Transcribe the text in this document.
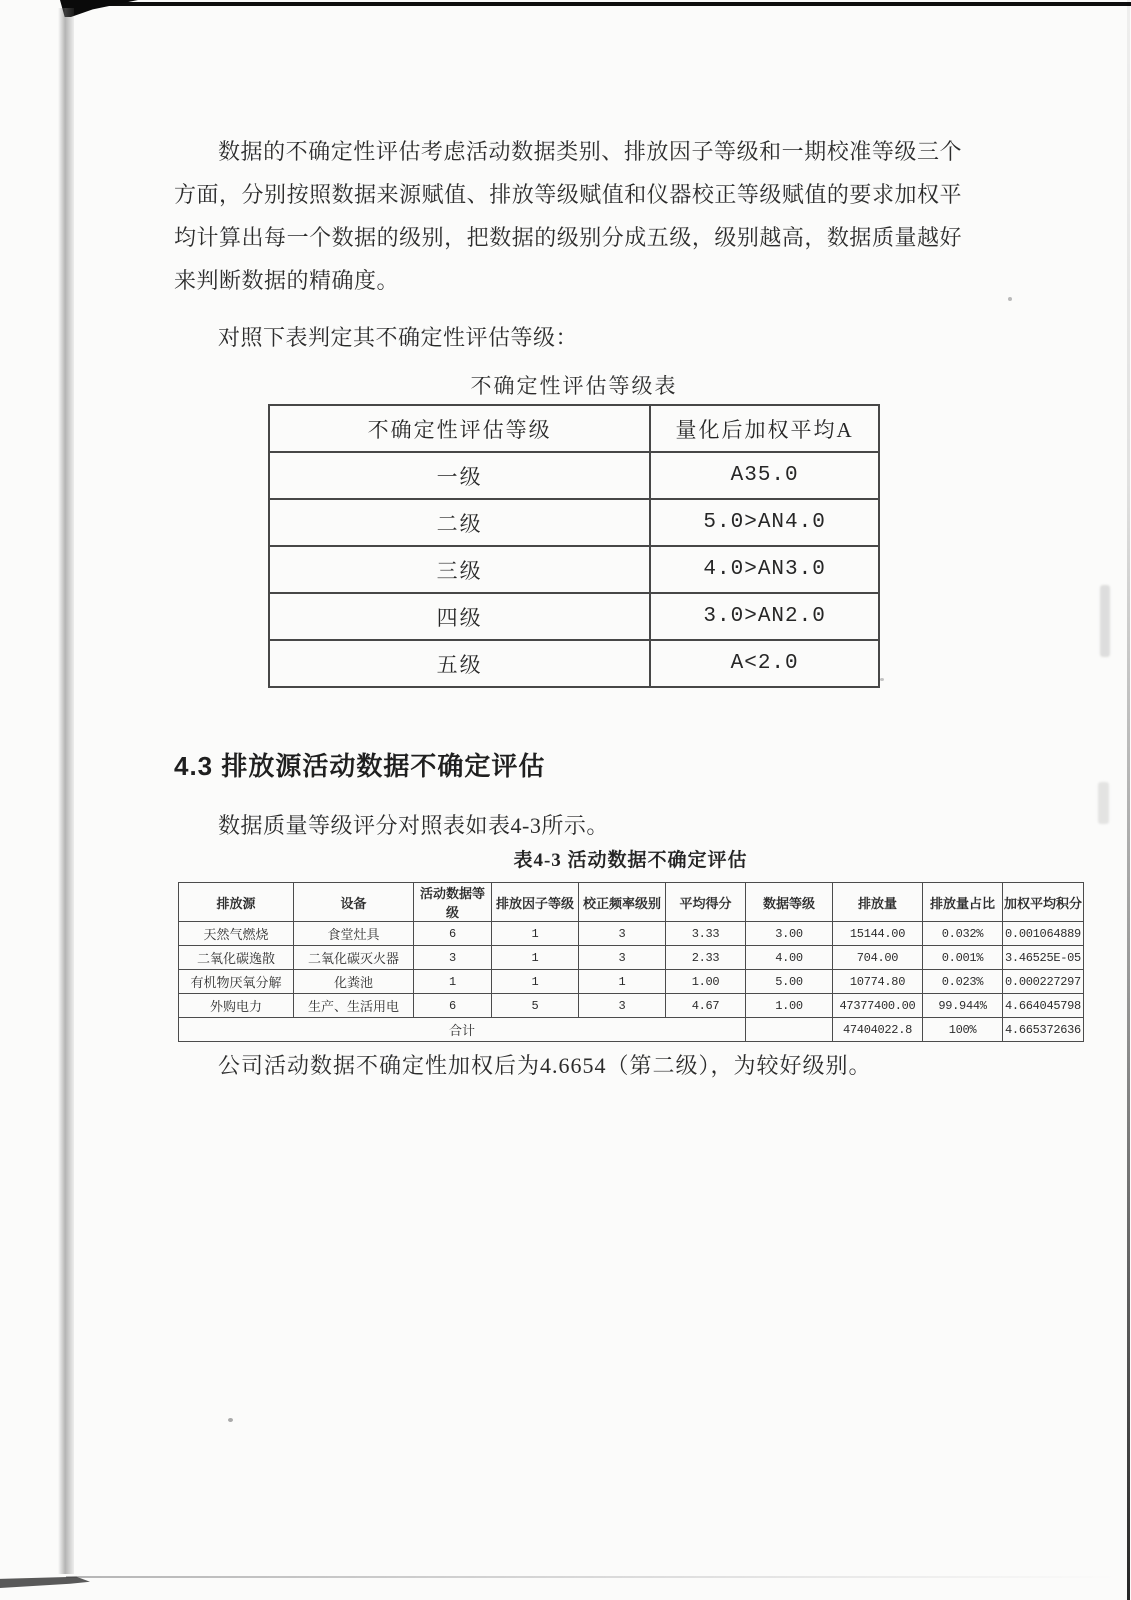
数据的不确定性评估考虑活动数据类别、排放因子等级和一期校准等级三个方面，分别按照数据来源赋值、排放等级赋值和仪器校正等级赋值的要求加权平均计算出每一个数据的级别，把数据的级别分成五级，级别越高，数据质量越好来判断数据的精确度。
对照下表判定其不确定性评估等级：
不确定性评估等级表
不确定性评估等级	量化后加权平均A
一级	A35.0
二级	5.0>AN4.0
三级	4.0>AN3.0
四级	3.0>AN2.0
五级	A<2.0
4.3 排放源活动数据不确定评估
数据质量等级评分对照表如表4-3所示。
表4-3 活动数据不确定评估
排放源	设备	活动数据等级	排放因子等级	校正频率级别	平均得分	数据等级	排放量	排放量占比	加权平均积分
天然气燃烧	食堂灶具	6	1	3	3.33	3.00	15144.00	0.032%	0.001064889
二氧化碳逸散	二氧化碳灭火器	3	1	3	2.33	4.00	704.00	0.001%	3.46525E-05
有机物厌氧分解	化粪池	1	1	1	1.00	5.00	10774.80	0.023%	0.000227297
外购电力	生产、生活用电	6	5	3	4.67	1.00	47377400.00	99.944%	4.664045798
合计							47404022.8	100%	4.665372636
公司活动数据不确定性加权后为4.6654（第二级），为较好级别。
